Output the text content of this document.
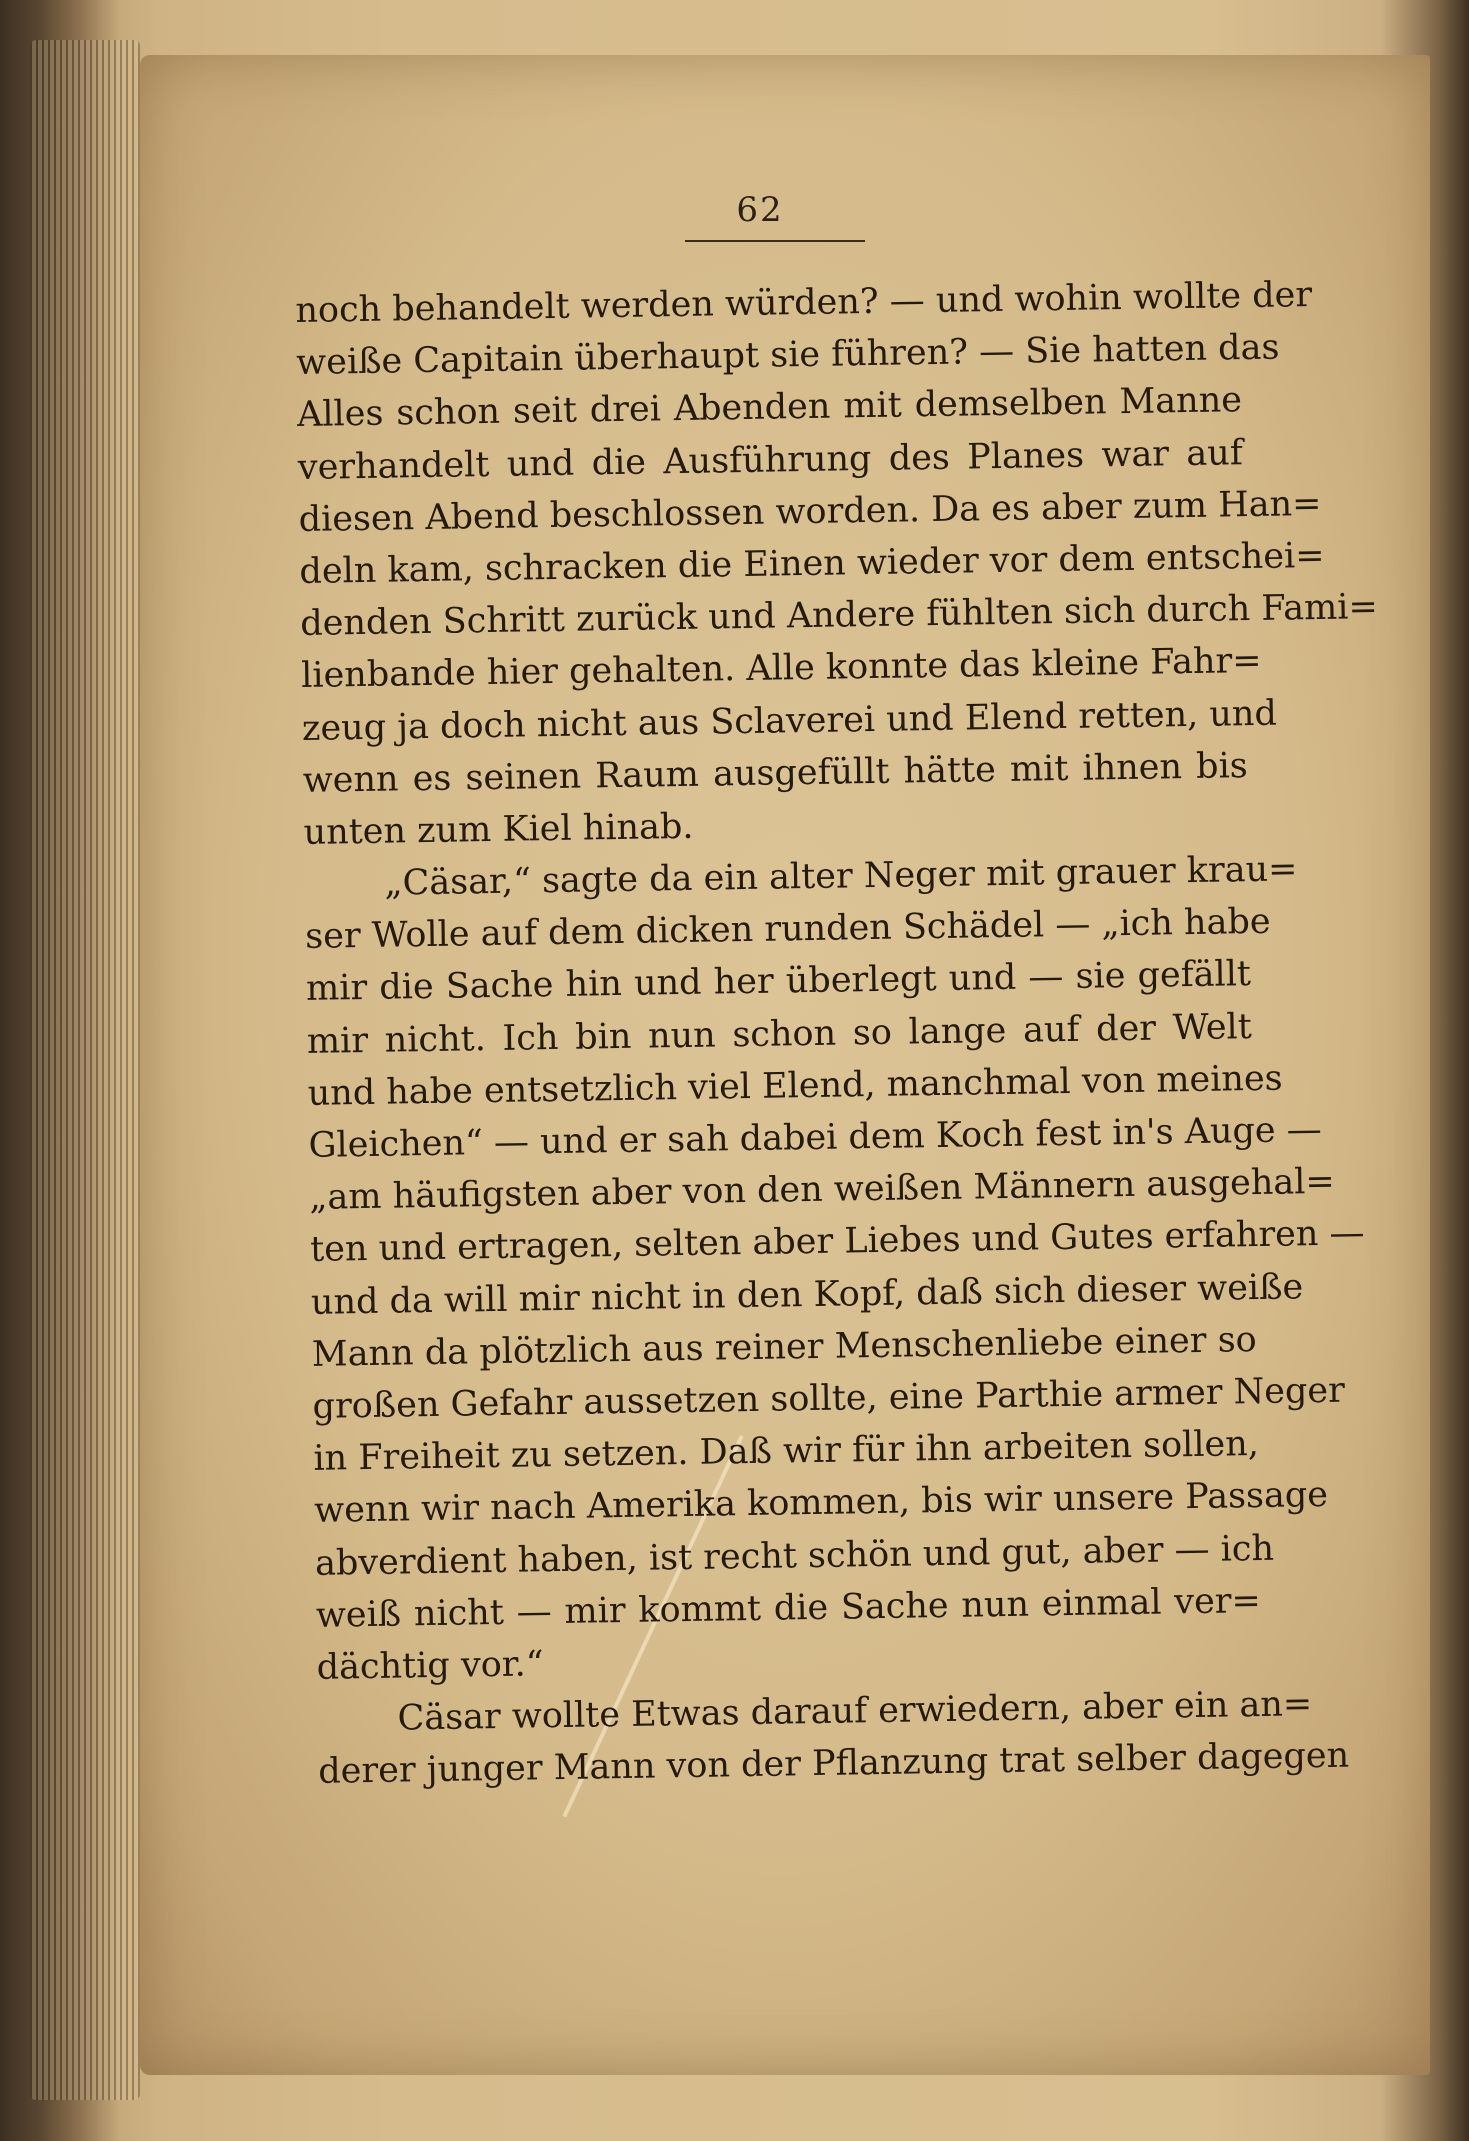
62
noch behandelt werden würden? — und wohin wollte der
weiße Capitain überhaupt sie führen? — Sie hatten das
Alles schon seit drei Abenden mit demselben Manne
verhandelt und die Ausführung des Planes war auf
diesen Abend beschlossen worden. Da es aber zum Han=
deln kam, schracken die Einen wieder vor dem entschei=
denden Schritt zurück und Andere fühlten sich durch Fami=
lienbande hier gehalten. Alle konnte das kleine Fahr=
zeug ja doch nicht aus Sclaverei und Elend retten, und
wenn es seinen Raum ausgefüllt hätte mit ihnen bis
unten zum Kiel hinab.
„Cäsar,“ sagte da ein alter Neger mit grauer krau=
ser Wolle auf dem dicken runden Schädel — „ich habe
mir die Sache hin und her überlegt und — sie gefällt
mir nicht. Ich bin nun schon so lange auf der Welt
und habe entsetzlich viel Elend, manchmal von meines
Gleichen“ — und er sah dabei dem Koch fest in's Auge —
„am häufigsten aber von den weißen Männern ausgehal=
ten und ertragen, selten aber Liebes und Gutes erfahren —
und da will mir nicht in den Kopf, daß sich dieser weiße
Mann da plötzlich aus reiner Menschenliebe einer so
großen Gefahr aussetzen sollte, eine Parthie armer Neger
in Freiheit zu setzen. Daß wir für ihn arbeiten sollen,
wenn wir nach Amerika kommen, bis wir unsere Passage
abverdient haben, ist recht schön und gut, aber — ich
weiß nicht — mir kommt die Sache nun einmal ver=
dächtig vor.“
Cäsar wollte Etwas darauf erwiedern, aber ein an=
derer junger Mann von der Pflanzung trat selber dagegen
